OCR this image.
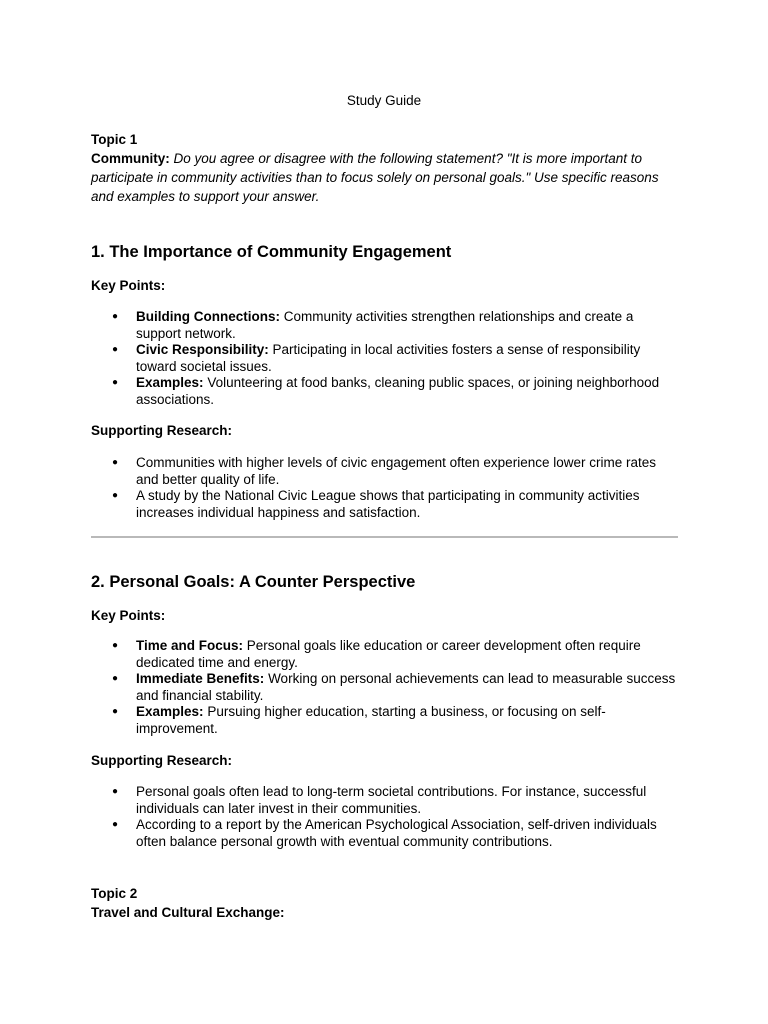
Study Guide
Topic 1
Community: Do you agree or disagree with the following statement? "It is more important to participate in community activities than to focus solely on personal goals." Use specific reasons and examples to support your answer.
1. The Importance of Community Engagement
Key Points:
● Building Connections: Community activities strengthen relationships and create a support network.
● Civic Responsibility: Participating in local activities fosters a sense of responsibility toward societal issues.
● Examples: Volunteering at food banks, cleaning public spaces, or joining neighborhood associations.
Supporting Research:
● Communities with higher levels of civic engagement often experience lower crime rates and better quality of life.
● A study by the National Civic League shows that participating in community activities increases individual happiness and satisfaction.
2. Personal Goals: A Counter Perspective
Key Points:
● Time and Focus: Personal goals like education or career development often require dedicated time and energy.
● Immediate Benefits: Working on personal achievements can lead to measurable success and financial stability.
● Examples: Pursuing higher education, starting a business, or focusing on self-improvement.
Supporting Research:
● Personal goals often lead to long-term societal contributions. For instance, successful individuals can later invest in their communities.
● According to a report by the American Psychological Association, self-driven individuals often balance personal growth with eventual community contributions.
Topic 2
Travel and Cultural Exchange:
